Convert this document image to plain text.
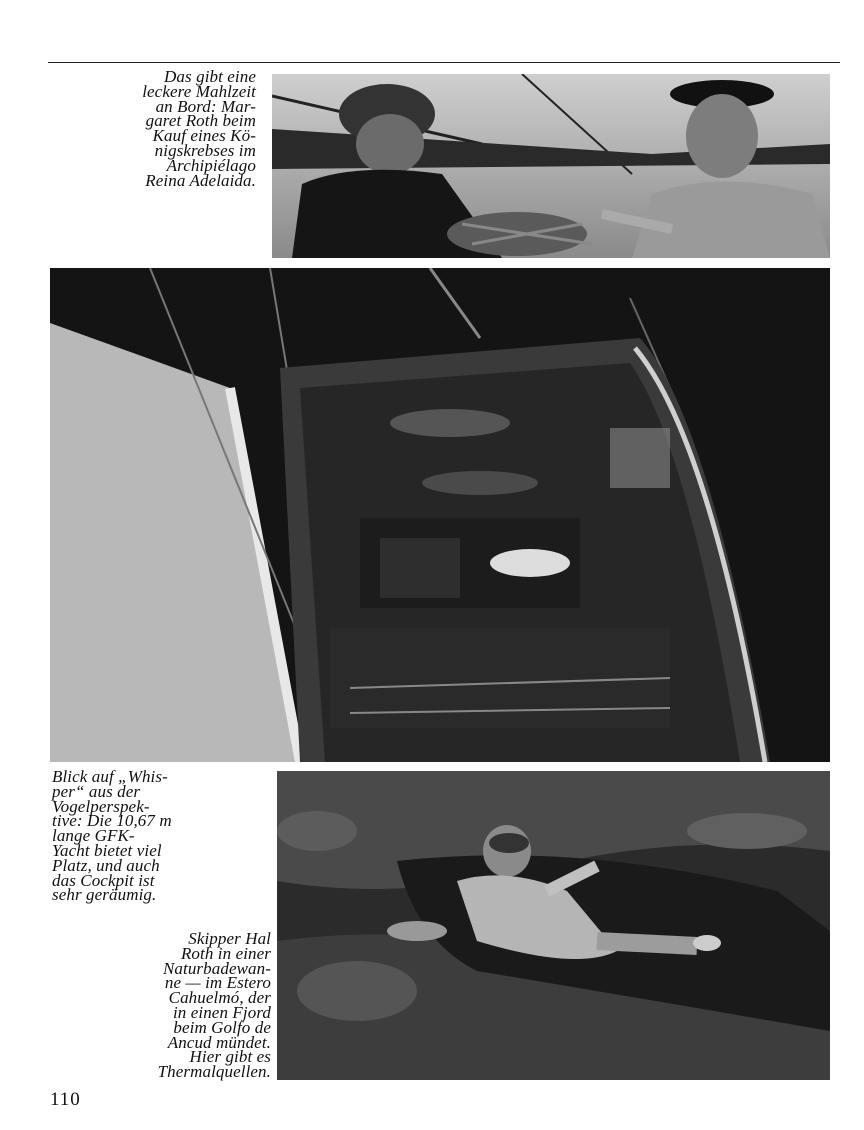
Das gibt eine
leckere Mahlzeit
an Bord: Mar-
garet Roth beim
Kauf eines Kö-
nigskrebses im
Archipiélago
Reina Adelaida.
Blick auf „Whis-
per“ aus der
Vogelperspek-
tive: Die 10,67 m
lange GFK-
Yacht bietet viel
Platz, und auch
das Cockpit ist
sehr geräumig.
Skipper Hal
Roth in einer
Naturbadewan-
ne — im Estero
Cahuelmó, der
in einen Fjord
beim Golfo de
Ancud mündet.
Hier gibt es
Thermalquellen.
110
